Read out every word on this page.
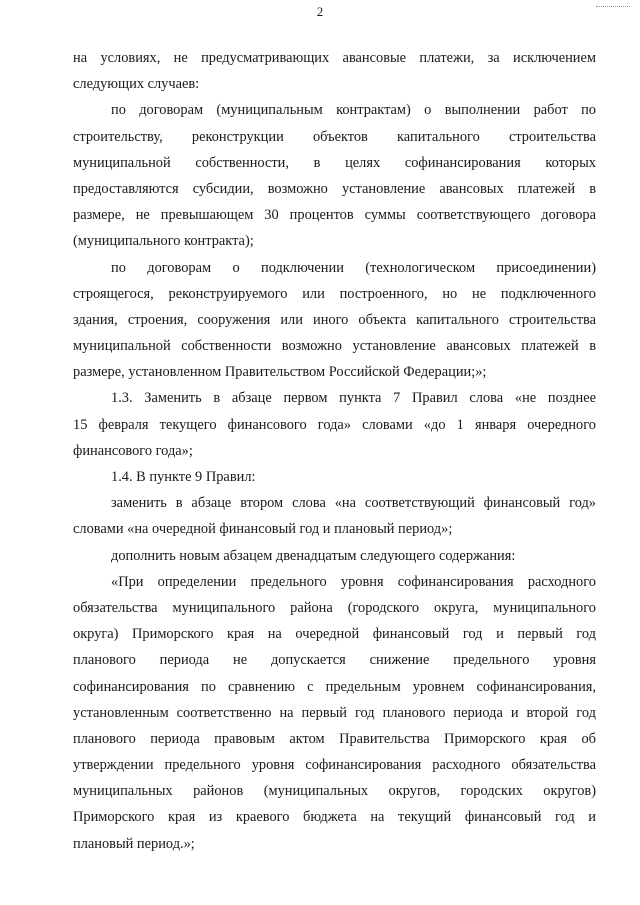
2
на условиях, не предусматривающих авансовые платежи, за исключением
следующих случаев:
по договорам (муниципальным контрактам) о выполнении работ по
строительству, реконструкции объектов капитального строительства
муниципальной собственности, в целях софинансирования которых
предоставляются субсидии, возможно установление авансовых платежей в
размере, не превышающем 30 процентов суммы соответствующего договора
(муниципального контракта);
по договорам о подключении (технологическом присоединении)
строящегося, реконструируемого или построенного, но не подключенного
здания, строения, сооружения или иного объекта капитального строительства
муниципальной собственности возможно установление авансовых платежей в
размере, установленном Правительством Российской Федерации;»;
1.3. Заменить в абзаце первом пункта 7 Правил слова «не позднее
15 февраля текущего финансового года» словами «до 1 января очередного
финансового года»;
1.4. В пункте 9 Правил:
заменить в абзаце втором слова «на соответствующий финансовый год»
словами «на очередной финансовый год и плановый период»;
дополнить новым абзацем двенадцатым следующего содержания:
«При определении предельного уровня софинансирования расходного
обязательства муниципального района (городского округа, муниципального
округа) Приморского края на очередной финансовый год и первый год
планового периода не допускается снижение предельного уровня
софинансирования по сравнению с предельным уровнем софинансирования,
установленным соответственно на первый год планового периода и второй год
планового периода правовым актом Правительства Приморского края об
утверждении предельного уровня софинансирования расходного обязательства
муниципальных районов (муниципальных округов, городских округов)
Приморского края из краевого бюджета на текущий финансовый год и
плановый период.»;
